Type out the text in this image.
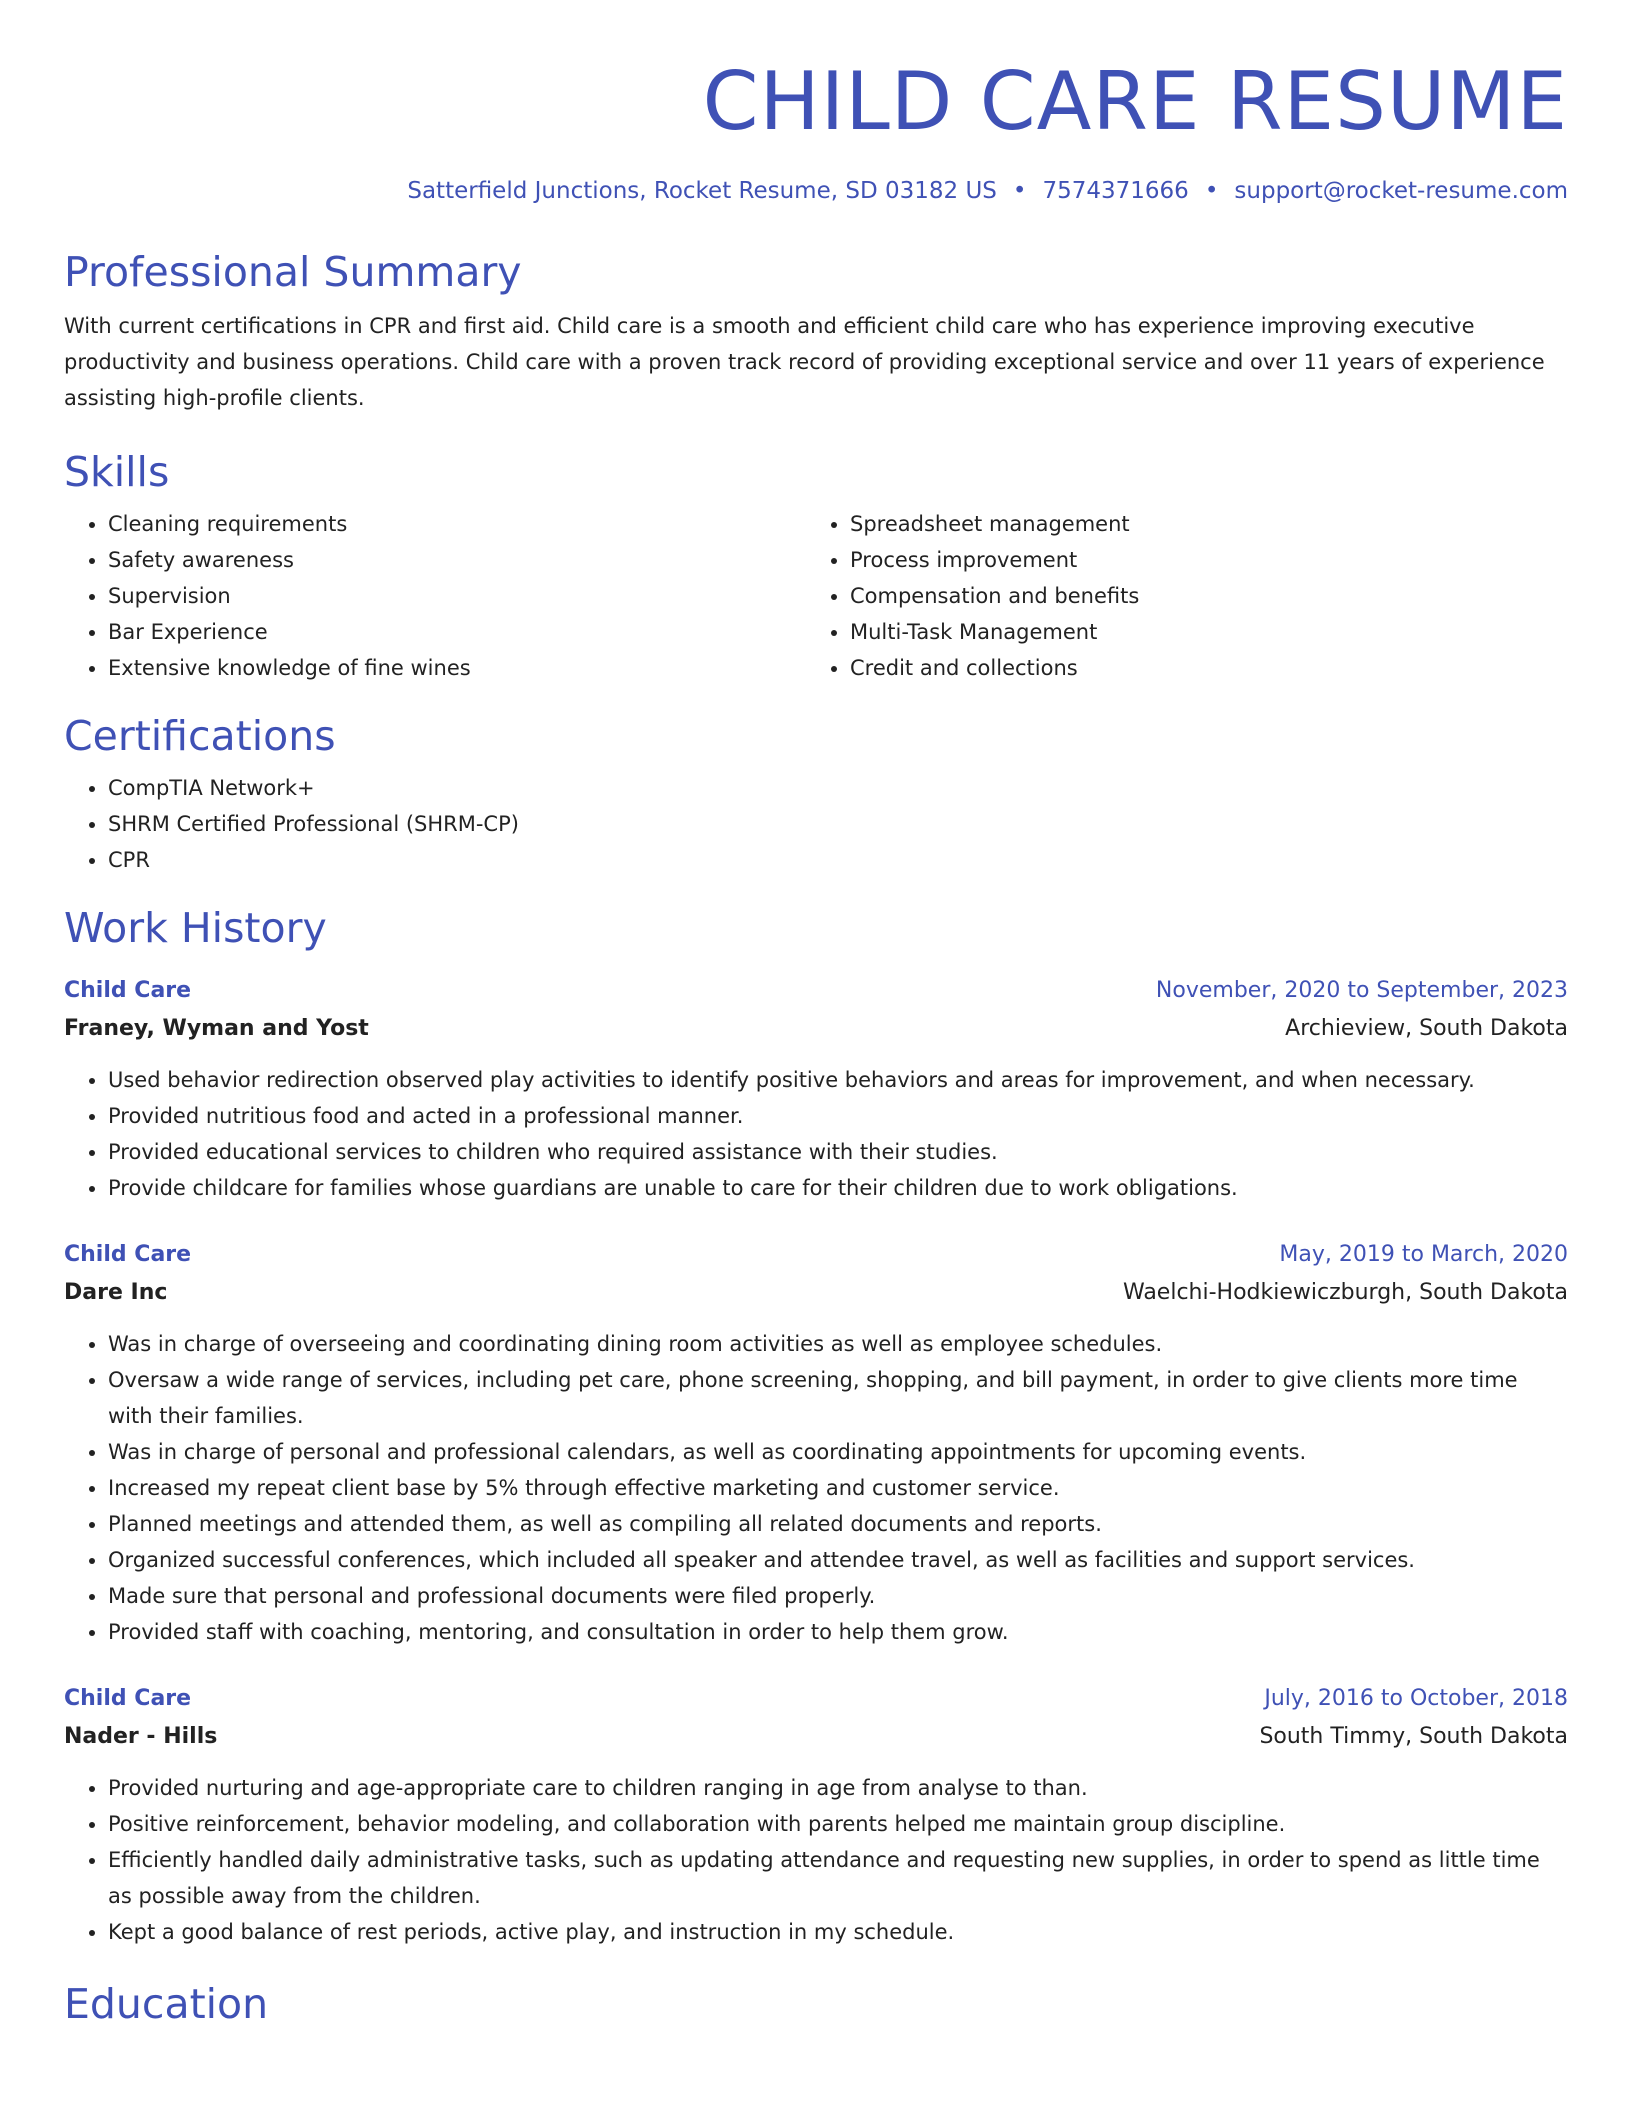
CHILD CARE RESUME
Satterfield Junctions, Rocket Resume, SD 03182 US • 7574371666 • support@rocket-resume.com
Professional Summary

With current certifications in CPR and first aid. Child care is a smooth and efficient child care who has experience improving executive productivity and business operations. Child care with a proven track record of providing exceptional service and over 11 years of experience assisting high-profile clients.

Skills
• Cleaning requirements
• Safety awareness
• Supervision
• Bar Experience
• Extensive knowledge of fine wines
• Spreadsheet management
• Process improvement
• Compensation and benefits
• Multi-Task Management
• Credit and collections
Certifications
• CompTIA Network+
• SHRM Certified Professional (SHRM-CP)
• CPR
Work History
Child Care	November, 2020 to September, 2023
Franey, Wyman and Yost	Archieview, South Dakota
• Used behavior redirection observed play activities to identify positive behaviors and areas for improvement, and when necessary.
• Provided nutritious food and acted in a professional manner.
• Provided educational services to children who required assistance with their studies.
• Provide childcare for families whose guardians are unable to care for their children due to work obligations.
Child Care	May, 2019 to March, 2020
Dare Inc	Waelchi-Hodkiewiczburgh, South Dakota
• Was in charge of overseeing and coordinating dining room activities as well as employee schedules.
• Oversaw a wide range of services, including pet care, phone screening, shopping, and bill payment, in order to give clients more time with their families.
• Was in charge of personal and professional calendars, as well as coordinating appointments for upcoming events.
• Increased my repeat client base by 5% through effective marketing and customer service.
• Planned meetings and attended them, as well as compiling all related documents and reports.
• Organized successful conferences, which included all speaker and attendee travel, as well as facilities and support services.
• Made sure that personal and professional documents were filed properly.
• Provided staff with coaching, mentoring, and consultation in order to help them grow.
Child Care	July, 2016 to October, 2018
Nader - Hills	South Timmy, South Dakota
• Provided nurturing and age-appropriate care to children ranging in age from analyse to than.
• Positive reinforcement, behavior modeling, and collaboration with parents helped me maintain group discipline.
• Efficiently handled daily administrative tasks, such as updating attendance and requesting new supplies, in order to spend as little time as possible away from the children.
• Kept a good balance of rest periods, active play, and instruction in my schedule.
Education
